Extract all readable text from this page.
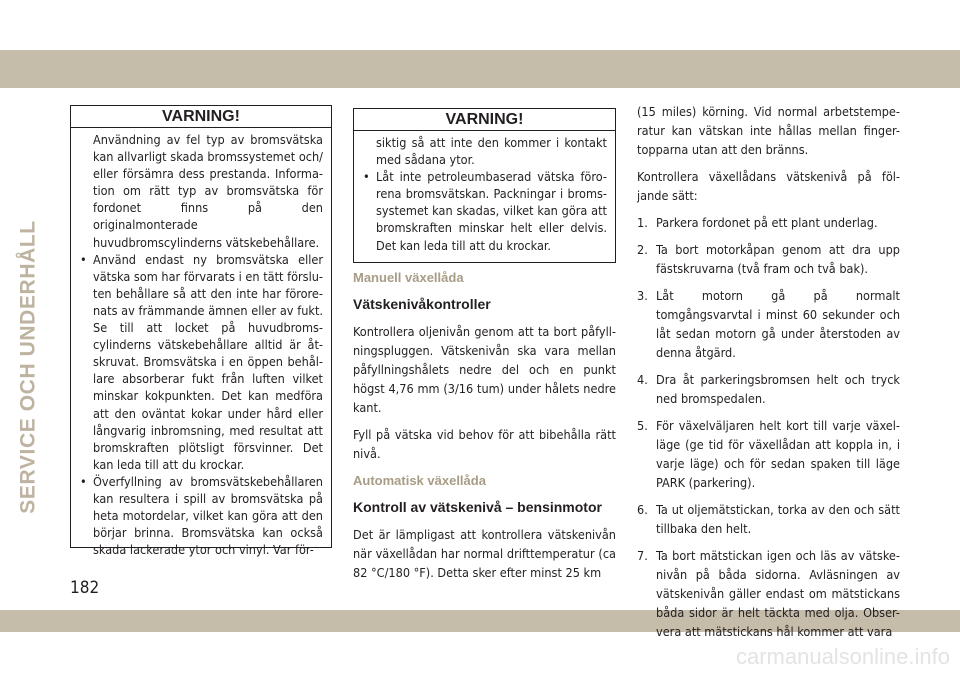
SERVICE OCH UNDERHÅLL
VARNING!
Användning av fel typ av bromsvätska kan allvarligt skada bromssystemet och/ eller försämra dess prestanda. Informa- tion om rätt typ av bromsvätska för fordonet finns på den originalmonterade huvudbromscylinderns vätskebehållare.
• Använd endast ny bromsvätska eller vätska som har förvarats i en tätt förslu- ten behållare så att den inte har förore- nats av främmande ämnen eller av fukt. Se till att locket på huvudbroms- cylinderns vätskebehållare alltid är åt- skruvat. Bromsvätska i en öppen behål- lare absorberar fukt från luften vilket minskar kokpunkten. Det kan medföra att den oväntat kokar under hård eller långvarig inbromsning, med resultat att bromskraften plötsligt försvinner. Det kan leda till att du krockar.
• Överfyllning av bromsvätskebehållaren kan resultera i spill av bromsvätska på heta motordelar, vilket kan göra att den börjar brinna. Bromsvätska kan också skada lackerade ytor och vinyl. Var för-
VARNING!
siktig så att inte den kommer i kontakt med sådana ytor.
• Låt inte petroleumbaserad vätska föro- rena bromsvätskan. Packningar i broms- systemet kan skadas, vilket kan göra att bromskraften minskar helt eller delvis. Det kan leda till att du krockar.
Manuell växellåda
Vätskenivåkontroller

Kontrollera oljenivån genom att ta bort påfyll- ningspluggen. Vätskenivån ska vara mellan påfyllningshålets nedre del och en punkt högst 4,76 mm (3/16 tum) under hålets nedre kant.

Fyll på vätska vid behov för att bibehålla rätt nivå.

Automatisk växellåda
Kontroll av vätskenivå – bensinmotor

Det är lämpligast att kontrollera vätskenivån när växellådan har normal drifttemperatur (ca 82 °C/180 °F). Detta sker efter minst 25 km

(15 miles) körning. Vid normal arbetstempe- ratur kan vätskan inte hållas mellan finger- topparna utan att den bränns.

Kontrollera växellådans vätskenivå på föl- jande sätt:

1. Parkera fordonet på ett plant underlag.
2. Ta bort motorkåpan genom att dra upp fästskruvarna (två fram och två bak).
3. Låt motorn gå på normalt tomgångsvarvtal i minst 60 sekunder och låt sedan motorn gå under återstoden av denna åtgärd.
4. Dra åt parkeringsbromsen helt och tryck ned bromspedalen.
5. För växelväljaren helt kort till varje växel- läge (ge tid för växellådan att koppla in, i varje läge) och för sedan spaken till läge PARK (parkering).
6. Ta ut oljemätstickan, torka av den och sätt tillbaka den helt.
7. Ta bort mätstickan igen och läs av vätske- nivån på båda sidorna. Avläsningen av vätskenivån gäller endast om mätstickans båda sidor är helt täckta med olja. Obser- vera att mätstickans hål kommer att vara
182
carmanualsonline.info
